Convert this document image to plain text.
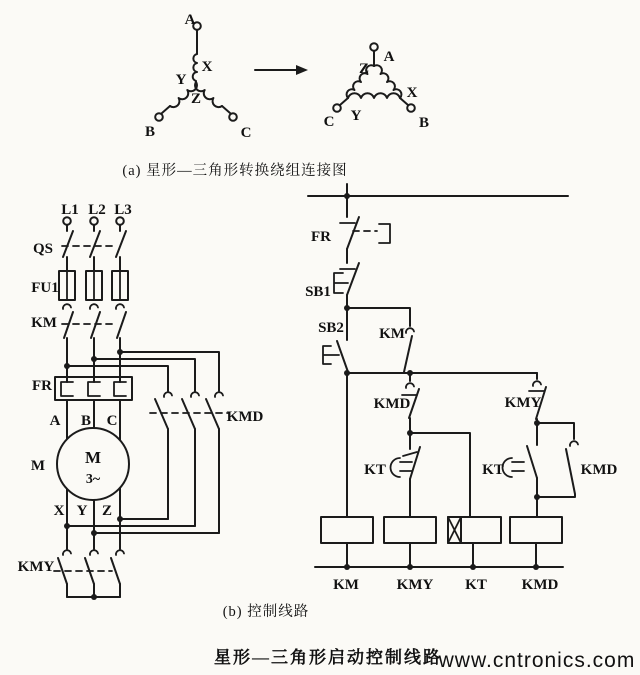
A
B	C
X
Y
Z
A
B
C
X
Y
Z
(a) 星形—三角形转换绕组连接图
L1 L2 L3
QS
FU1
KM
KMD
FR
A B C
M M
3~
X Y Z
KMY
FR
SB1
SB2 KM
KMD
KT
KMY
KMD
KT
KM	KMY KT KMD
(b) 控制线路
星形—三角形启动控制线路
www.cntronics.com
